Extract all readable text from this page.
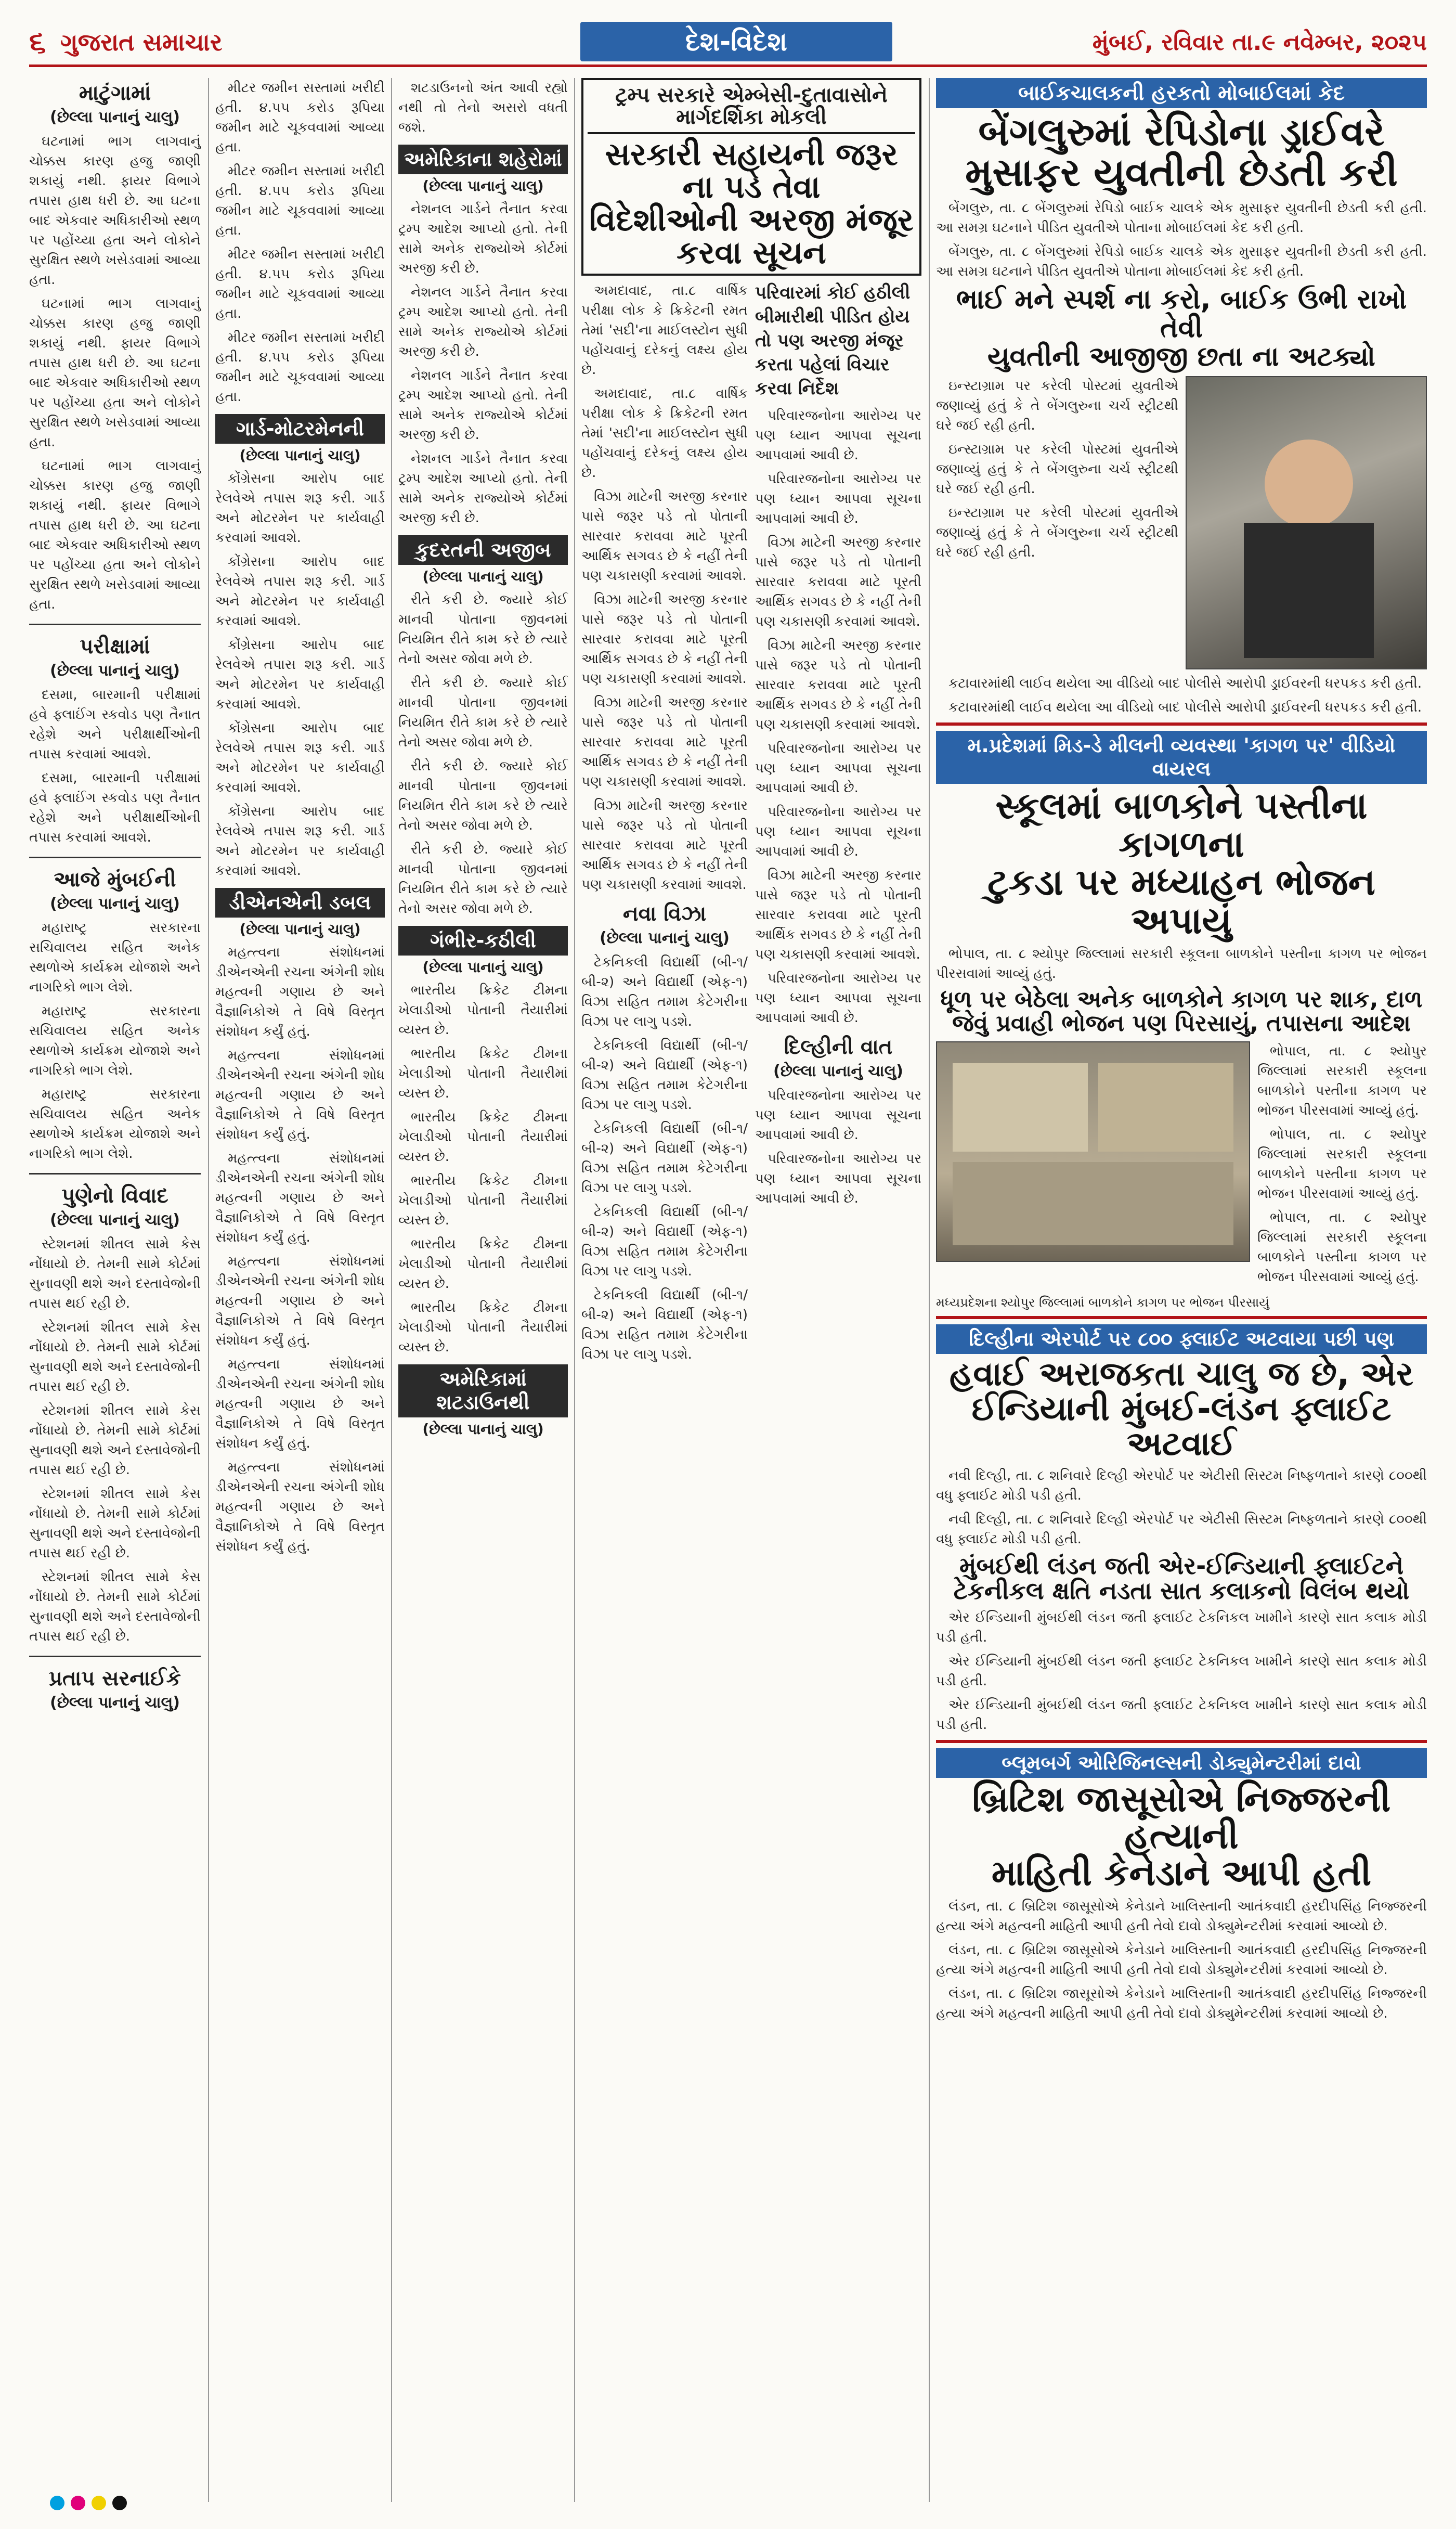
૬ ગુજરાત સમાચાર	દેશ-વિદેશ	મુંબઈ, રવિવાર તા.૯ નવેમ્બર, ૨૦૨૫
માટુંગામાં
(છેલ્લા પાનાનું ચાલુ)

ઘટનામાં ભાગ લાગવાનું ચોક્કસ કારણ હજુ જાણી શકાયું નથી. ફાયર વિભાગે તપાસ હાથ ધરી છે. આ ઘટના બાદ એકવાર અધિકારીઓ સ્થળ પર પહોંચ્યા હતા અને લોકોને સુરક્ષિત સ્થળે ખસેડવામાં આવ્યા હતા.

ઘટનામાં ભાગ લાગવાનું ચોક્કસ કારણ હજુ જાણી શકાયું નથી. ફાયર વિભાગે તપાસ હાથ ધરી છે. આ ઘટના બાદ એકવાર અધિકારીઓ સ્થળ પર પહોંચ્યા હતા અને લોકોને સુરક્ષિત સ્થળે ખસેડવામાં આવ્યા હતા.

ઘટનામાં ભાગ લાગવાનું ચોક્કસ કારણ હજુ જાણી શકાયું નથી. ફાયર વિભાગે તપાસ હાથ ધરી છે. આ ઘટના બાદ એકવાર અધિકારીઓ સ્થળ પર પહોંચ્યા હતા અને લોકોને સુરક્ષિત સ્થળે ખસેડવામાં આવ્યા હતા.

પરીક્ષામાં
(છેલ્લા પાનાનું ચાલુ)

દસમા, બારમાની પરીક્ષામાં હવે ફ્લાઈંગ સ્કવોડ પણ તૈનાત રહેશે અને પરીક્ષાર્થીઓની તપાસ કરવામાં આવશે.

દસમા, બારમાની પરીક્ષામાં હવે ફ્લાઈંગ સ્કવોડ પણ તૈનાત રહેશે અને પરીક્ષાર્થીઓની તપાસ કરવામાં આવશે.

આજે મુંબઈની
(છેલ્લા પાનાનું ચાલુ)

મહારાષ્ટ્ર સરકારના સચિવાલય સહિત અનેક સ્થળોએ કાર્યક્રમ યોજાશે અને નાગરિકો ભાગ લેશે.

મહારાષ્ટ્ર સરકારના સચિવાલય સહિત અનેક સ્થળોએ કાર્યક્રમ યોજાશે અને નાગરિકો ભાગ લેશે.

મહારાષ્ટ્ર સરકારના સચિવાલય સહિત અનેક સ્થળોએ કાર્યક્રમ યોજાશે અને નાગરિકો ભાગ લેશે.

પુણેનો વિવાદ
(છેલ્લા પાનાનું ચાલુ)

સ્ટેશનમાં શીતલ સામે કેસ નોંધાયો છે. તેમની સામે કોર્ટમાં સુનાવણી થશે અને દસ્તાવેજોની તપાસ થઈ રહી છે.

સ્ટેશનમાં શીતલ સામે કેસ નોંધાયો છે. તેમની સામે કોર્ટમાં સુનાવણી થશે અને દસ્તાવેજોની તપાસ થઈ રહી છે.

સ્ટેશનમાં શીતલ સામે કેસ નોંધાયો છે. તેમની સામે કોર્ટમાં સુનાવણી થશે અને દસ્તાવેજોની તપાસ થઈ રહી છે.

સ્ટેશનમાં શીતલ સામે કેસ નોંધાયો છે. તેમની સામે કોર્ટમાં સુનાવણી થશે અને દસ્તાવેજોની તપાસ થઈ રહી છે.

સ્ટેશનમાં શીતલ સામે કેસ નોંધાયો છે. તેમની સામે કોર્ટમાં સુનાવણી થશે અને દસ્તાવેજોની તપાસ થઈ રહી છે.

પ્રતાપ સરનાઈકે
(છેલ્લા પાનાનું ચાલુ)

મીટર જમીન સસ્તામાં ખરીદી હતી. ૪.૫૫ કરોડ રૂપિયા જમીન માટે ચૂકવવામાં આવ્યા હતા.

મીટર જમીન સસ્તામાં ખરીદી હતી. ૪.૫૫ કરોડ રૂપિયા જમીન માટે ચૂકવવામાં આવ્યા હતા.

મીટર જમીન સસ્તામાં ખરીદી હતી. ૪.૫૫ કરોડ રૂપિયા જમીન માટે ચૂકવવામાં આવ્યા હતા.

મીટર જમીન સસ્તામાં ખરીદી હતી. ૪.૫૫ કરોડ રૂપિયા જમીન માટે ચૂકવવામાં આવ્યા હતા.

ગાર્ડ-મોટરમેનની
(છેલ્લા પાનાનું ચાલુ)

કોંગ્રેસના આરોપ બાદ રેલવેએ તપાસ શરૂ કરી. ગાર્ડ અને મોટરમેન પર કાર્યવાહી કરવામાં આવશે.

કોંગ્રેસના આરોપ બાદ રેલવેએ તપાસ શરૂ કરી. ગાર્ડ અને મોટરમેન પર કાર્યવાહી કરવામાં આવશે.

કોંગ્રેસના આરોપ બાદ રેલવેએ તપાસ શરૂ કરી. ગાર્ડ અને મોટરમેન પર કાર્યવાહી કરવામાં આવશે.

કોંગ્રેસના આરોપ બાદ રેલવેએ તપાસ શરૂ કરી. ગાર્ડ અને મોટરમેન પર કાર્યવાહી કરવામાં આવશે.

કોંગ્રેસના આરોપ બાદ રેલવેએ તપાસ શરૂ કરી. ગાર્ડ અને મોટરમેન પર કાર્યવાહી કરવામાં આવશે.

ડીએનએની ડબલ
(છેલ્લા પાનાનું ચાલુ)

મહત્ત્વના સંશોધનમાં ડીએનએની રચના અંગેની શોધ મહત્વની ગણાય છે અને વૈજ્ઞાનિકોએ તે વિષે વિસ્તૃત સંશોધન કર્યું હતું.

મહત્ત્વના સંશોધનમાં ડીએનએની રચના અંગેની શોધ મહત્વની ગણાય છે અને વૈજ્ઞાનિકોએ તે વિષે વિસ્તૃત સંશોધન કર્યું હતું.

મહત્ત્વના સંશોધનમાં ડીએનએની રચના અંગેની શોધ મહત્વની ગણાય છે અને વૈજ્ઞાનિકોએ તે વિષે વિસ્તૃત સંશોધન કર્યું હતું.

મહત્ત્વના સંશોધનમાં ડીએનએની રચના અંગેની શોધ મહત્વની ગણાય છે અને વૈજ્ઞાનિકોએ તે વિષે વિસ્તૃત સંશોધન કર્યું હતું.

મહત્ત્વના સંશોધનમાં ડીએનએની રચના અંગેની શોધ મહત્વની ગણાય છે અને વૈજ્ઞાનિકોએ તે વિષે વિસ્તૃત સંશોધન કર્યું હતું.

મહત્ત્વના સંશોધનમાં ડીએનએની રચના અંગેની શોધ મહત્વની ગણાય છે અને વૈજ્ઞાનિકોએ તે વિષે વિસ્તૃત સંશોધન કર્યું હતું.

શટડાઉનનો અંત આવી રહ્યો નથી તો તેનો અસરો વધતી જશે.

અમેરિકાના શહેરોમાં
(છેલ્લા પાનાનું ચાલુ)

નેશનલ ગાર્ડને તૈનાત કરવા ટ્રમ્પ આદેશ આપ્યો હતો. તેની સામે અનેક રાજ્યોએ કોર્ટમાં અરજી કરી છે.

નેશનલ ગાર્ડને તૈનાત કરવા ટ્રમ્પ આદેશ આપ્યો હતો. તેની સામે અનેક રાજ્યોએ કોર્ટમાં અરજી કરી છે.

નેશનલ ગાર્ડને તૈનાત કરવા ટ્રમ્પ આદેશ આપ્યો હતો. તેની સામે અનેક રાજ્યોએ કોર્ટમાં અરજી કરી છે.

નેશનલ ગાર્ડને તૈનાત કરવા ટ્રમ્પ આદેશ આપ્યો હતો. તેની સામે અનેક રાજ્યોએ કોર્ટમાં અરજી કરી છે.

કુદરતની અજીબ
(છેલ્લા પાનાનું ચાલુ)

રીતે કરી છે. જ્યારે કોઈ માનવી પોતાના જીવનમાં નિયમિત રીતે કામ કરે છે ત્યારે તેનો અસર જોવા મળે છે.

રીતે કરી છે. જ્યારે કોઈ માનવી પોતાના જીવનમાં નિયમિત રીતે કામ કરે છે ત્યારે તેનો અસર જોવા મળે છે.

રીતે કરી છે. જ્યારે કોઈ માનવી પોતાના જીવનમાં નિયમિત રીતે કામ કરે છે ત્યારે તેનો અસર જોવા મળે છે.

રીતે કરી છે. જ્યારે કોઈ માનવી પોતાના જીવનમાં નિયમિત રીતે કામ કરે છે ત્યારે તેનો અસર જોવા મળે છે.

ગંભીર-કઠીલી
(છેલ્લા પાનાનું ચાલુ)

ભારતીય ક્રિકેટ ટીમના ખેલાડીઓ પોતાની તૈયારીમાં વ્યસ્ત છે.

ભારતીય ક્રિકેટ ટીમના ખેલાડીઓ પોતાની તૈયારીમાં વ્યસ્ત છે.

ભારતીય ક્રિકેટ ટીમના ખેલાડીઓ પોતાની તૈયારીમાં વ્યસ્ત છે.

ભારતીય ક્રિકેટ ટીમના ખેલાડીઓ પોતાની તૈયારીમાં વ્યસ્ત છે.

ભારતીય ક્રિકેટ ટીમના ખેલાડીઓ પોતાની તૈયારીમાં વ્યસ્ત છે.

ભારતીય ક્રિકેટ ટીમના ખેલાડીઓ પોતાની તૈયારીમાં વ્યસ્ત છે.

અમેરિકામાં શટડાઉનથી
(છેલ્લા પાનાનું ચાલુ)
ટ્રમ્પ સરકારે એમ્બેસી-દુતાવાસોને માર્ગદર્શિકા મોકલી
સરકારી સહાયની જરૂર ના પડે તેવા
વિદેશીઓની અરજી મંજૂર કરવા સૂચન

અમદાવાદ, તા.૮ વાર્ષિક પરીક્ષા લોક કે ક્રિકેટની રમત તેમાં 'સદી'ના માઈલસ્ટોન સુધી પહોંચવાનું દરેકનું લક્ષ્ય હોય છે.

અમદાવાદ, તા.૮ વાર્ષિક પરીક્ષા લોક કે ક્રિકેટની રમત તેમાં 'સદી'ના માઈલસ્ટોન સુધી પહોંચવાનું દરેકનું લક્ષ્ય હોય છે.

વિઝા માટેની અરજી કરનાર પાસે જરૂર પડે તો પોતાની સારવાર કરાવવા માટે પૂરતી આર્થિક સગવડ છે કે નહીં તેની પણ ચકાસણી કરવામાં આવશે.

વિઝા માટેની અરજી કરનાર પાસે જરૂર પડે તો પોતાની સારવાર કરાવવા માટે પૂરતી આર્થિક સગવડ છે કે નહીં તેની પણ ચકાસણી કરવામાં આવશે.

વિઝા માટેની અરજી કરનાર પાસે જરૂર પડે તો પોતાની સારવાર કરાવવા માટે પૂરતી આર્થિક સગવડ છે કે નહીં તેની પણ ચકાસણી કરવામાં આવશે.

વિઝા માટેની અરજી કરનાર પાસે જરૂર પડે તો પોતાની સારવાર કરાવવા માટે પૂરતી આર્થિક સગવડ છે કે નહીં તેની પણ ચકાસણી કરવામાં આવશે.

નવા વિઝા
(છેલ્લા પાનાનું ચાલુ)

ટેકનિકલી વિદ્યાર્થી (બી-૧/ બી-૨) અને વિદ્યાર્થી (એફ-૧) વિઝા સહિત તમામ કેટેગરીના વિઝા પર લાગુ પડશે.

ટેકનિકલી વિદ્યાર્થી (બી-૧/ બી-૨) અને વિદ્યાર્થી (એફ-૧) વિઝા સહિત તમામ કેટેગરીના વિઝા પર લાગુ પડશે.

ટેકનિકલી વિદ્યાર્થી (બી-૧/ બી-૨) અને વિદ્યાર્થી (એફ-૧) વિઝા સહિત તમામ કેટેગરીના વિઝા પર લાગુ પડશે.

ટેકનિકલી વિદ્યાર્થી (બી-૧/ બી-૨) અને વિદ્યાર્થી (એફ-૧) વિઝા સહિત તમામ કેટેગરીના વિઝા પર લાગુ પડશે.

ટેકનિકલી વિદ્યાર્થી (બી-૧/ બી-૨) અને વિદ્યાર્થી (એફ-૧) વિઝા સહિત તમામ કેટેગરીના વિઝા પર લાગુ પડશે.

પરિવારમાં કોઈ હઠીલી બીમારીથી પીડિત હોય તો પણ અરજી મંજૂર કરતા પહેલાં વિચાર કરવા નિર્દેશ

પરિવારજનોના આરોગ્ય પર પણ ધ્યાન આપવા સૂચના આપવામાં આવી છે.

પરિવારજનોના આરોગ્ય પર પણ ધ્યાન આપવા સૂચના આપવામાં આવી છે.

વિઝા માટેની અરજી કરનાર પાસે જરૂર પડે તો પોતાની સારવાર કરાવવા માટે પૂરતી આર્થિક સગવડ છે કે નહીં તેની પણ ચકાસણી કરવામાં આવશે.

વિઝા માટેની અરજી કરનાર પાસે જરૂર પડે તો પોતાની સારવાર કરાવવા માટે પૂરતી આર્થિક સગવડ છે કે નહીં તેની પણ ચકાસણી કરવામાં આવશે.

પરિવારજનોના આરોગ્ય પર પણ ધ્યાન આપવા સૂચના આપવામાં આવી છે.

પરિવારજનોના આરોગ્ય પર પણ ધ્યાન આપવા સૂચના આપવામાં આવી છે.

વિઝા માટેની અરજી કરનાર પાસે જરૂર પડે તો પોતાની સારવાર કરાવવા માટે પૂરતી આર્થિક સગવડ છે કે નહીં તેની પણ ચકાસણી કરવામાં આવશે.

પરિવારજનોના આરોગ્ય પર પણ ધ્યાન આપવા સૂચના આપવામાં આવી છે.

દિલ્હીની વાત
(છેલ્લા પાનાનું ચાલુ)

પરિવારજનોના આરોગ્ય પર પણ ધ્યાન આપવા સૂચના આપવામાં આવી છે.

પરિવારજનોના આરોગ્ય પર પણ ધ્યાન આપવા સૂચના આપવામાં આવી છે.

બાઈકચાલકની હરકતો મોબાઈલમાં કેદ
બેંગલુરુમાં રેપિડોના ડ્રાઈવરે
મુસાફર યુવતીની છેડતી કરી

બેંગલુરુ, તા. ૮ બેંગલુરુમાં રેપિડો બાઈક ચાલકે એક મુસાફર યુવતીની છેડતી કરી હતી. આ સમગ્ર ઘટનાને પીડિત યુવતીએ પોતાના મોબાઈલમાં કેદ કરી હતી.

બેંગલુરુ, તા. ૮ બેંગલુરુમાં રેપિડો બાઈક ચાલકે એક મુસાફર યુવતીની છેડતી કરી હતી. આ સમગ્ર ઘટનાને પીડિત યુવતીએ પોતાના મોબાઈલમાં કેદ કરી હતી.

ભાઈ મને સ્પર્શ ના કરો, બાઈક ઉભી રાખો તેવી
યુવતીની આજીજી છતા ના અટક્યો

ઇન્સ્ટાગ્રામ પર કરેલી પોસ્ટમાં યુવતીએ જણાવ્યું હતું કે તે બેંગલુરુના ચર્ચ સ્ટ્રીટથી ઘરે જઈ રહી હતી.

ઇન્સ્ટાગ્રામ પર કરેલી પોસ્ટમાં યુવતીએ જણાવ્યું હતું કે તે બેંગલુરુના ચર્ચ સ્ટ્રીટથી ઘરે જઈ રહી હતી.

ઇન્સ્ટાગ્રામ પર કરેલી પોસ્ટમાં યુવતીએ જણાવ્યું હતું કે તે બેંગલુરુના ચર્ચ સ્ટ્રીટથી ઘરે જઈ રહી હતી.

કટાવારમાંથી લાઈવ થયેલા આ વીડિયો બાદ પોલીસે આરોપી ડ્રાઈવરની ધરપકડ કરી હતી.

કટાવારમાંથી લાઈવ થયેલા આ વીડિયો બાદ પોલીસે આરોપી ડ્રાઈવરની ધરપકડ કરી હતી.

મ.પ્રદેશમાં મિડ-ડે મીલની વ્યવસ્થા 'કાગળ પર' વીડિયો વાયરલ
સ્કૂલમાં બાળકોને પસ્તીના કાગળના
ટુકડા પર મધ્યાહન ભોજન અપાયું

ભોપાલ, તા. ૮ શ્યોપુર જિલ્લામાં સરકારી સ્કૂલના બાળકોને પસ્તીના કાગળ પર ભોજન પીરસવામાં આવ્યું હતું.

ધૂળ પર બેઠેલા અનેક બાળકોને કાગળ પર શાક, દાળ જેવું પ્રવાહી ભોજન પણ પિરસાયું, તપાસના આદેશ

ભોપાલ, તા. ૮ શ્યોપુર જિલ્લામાં સરકારી સ્કૂલના બાળકોને પસ્તીના કાગળ પર ભોજન પીરસવામાં આવ્યું હતું.

ભોપાલ, તા. ૮ શ્યોપુર જિલ્લામાં સરકારી સ્કૂલના બાળકોને પસ્તીના કાગળ પર ભોજન પીરસવામાં આવ્યું હતું.

ભોપાલ, તા. ૮ શ્યોપુર જિલ્લામાં સરકારી સ્કૂલના બાળકોને પસ્તીના કાગળ પર ભોજન પીરસવામાં આવ્યું હતું.

મધ્યપ્રદેશના શ્યોપુર જિલ્લામાં બાળકોને કાગળ પર ભોજન પીરસાયું
દિલ્હીના એરપોર્ટ પર ૮૦૦ ફ્લાઈટ અટવાયા પછી પણ
હવાઈ અરાજકતા ચાલુ જ છે, એર
ઈન્ડિયાની મુંબઈ-લંડન ફ્લાઈટ અટવાઈ

નવી દિલ્હી, તા. ૮ શનિવારે દિલ્હી એરપોર્ટ પર એટીસી સિસ્ટમ નિષ્ફળતાને કારણે ૮૦૦થી વધુ ફ્લાઈટ મોડી પડી હતી.

નવી દિલ્હી, તા. ૮ શનિવારે દિલ્હી એરપોર્ટ પર એટીસી સિસ્ટમ નિષ્ફળતાને કારણે ૮૦૦થી વધુ ફ્લાઈટ મોડી પડી હતી.

મુંબઈથી લંડન જતી એર-ઈન્ડિયાની ફ્લાઈટને
ટેકનીકલ ક્ષતિ નડતા સાત કલાકનો વિલંબ થયો

એર ઈન્ડિયાની મુંબઈથી લંડન જતી ફ્લાઈટ ટેકનિકલ ખામીને કારણે સાત કલાક મોડી પડી હતી.

એર ઈન્ડિયાની મુંબઈથી લંડન જતી ફ્લાઈટ ટેકનિકલ ખામીને કારણે સાત કલાક મોડી પડી હતી.

એર ઈન્ડિયાની મુંબઈથી લંડન જતી ફ્લાઈટ ટેકનિકલ ખામીને કારણે સાત કલાક મોડી પડી હતી.

બ્લૂમબર્ગ ઓરિજિનલ્સની ડોક્યુમેન્ટરીમાં દાવો
બ્રિટિશ જાસૂસોએ નિજ્જરની હત્યાની
માહિતી કેનેડાને આપી હતી

લંડન, તા. ૮ બ્રિટિશ જાસૂસોએ કેનેડાને ખાલિસ્તાની આતંકવાદી હરદીપસિંહ નિજ્જરની હત્યા અંગે મહત્વની માહિતી આપી હતી તેવો દાવો ડોક્યુમેન્ટરીમાં કરવામાં આવ્યો છે.

લંડન, તા. ૮ બ્રિટિશ જાસૂસોએ કેનેડાને ખાલિસ્તાની આતંકવાદી હરદીપસિંહ નિજ્જરની હત્યા અંગે મહત્વની માહિતી આપી હતી તેવો દાવો ડોક્યુમેન્ટરીમાં કરવામાં આવ્યો છે.

લંડન, તા. ૮ બ્રિટિશ જાસૂસોએ કેનેડાને ખાલિસ્તાની આતંકવાદી હરદીપસિંહ નિજ્જરની હત્યા અંગે મહત્વની માહિતી આપી હતી તેવો દાવો ડોક્યુમેન્ટરીમાં કરવામાં આવ્યો છે.
